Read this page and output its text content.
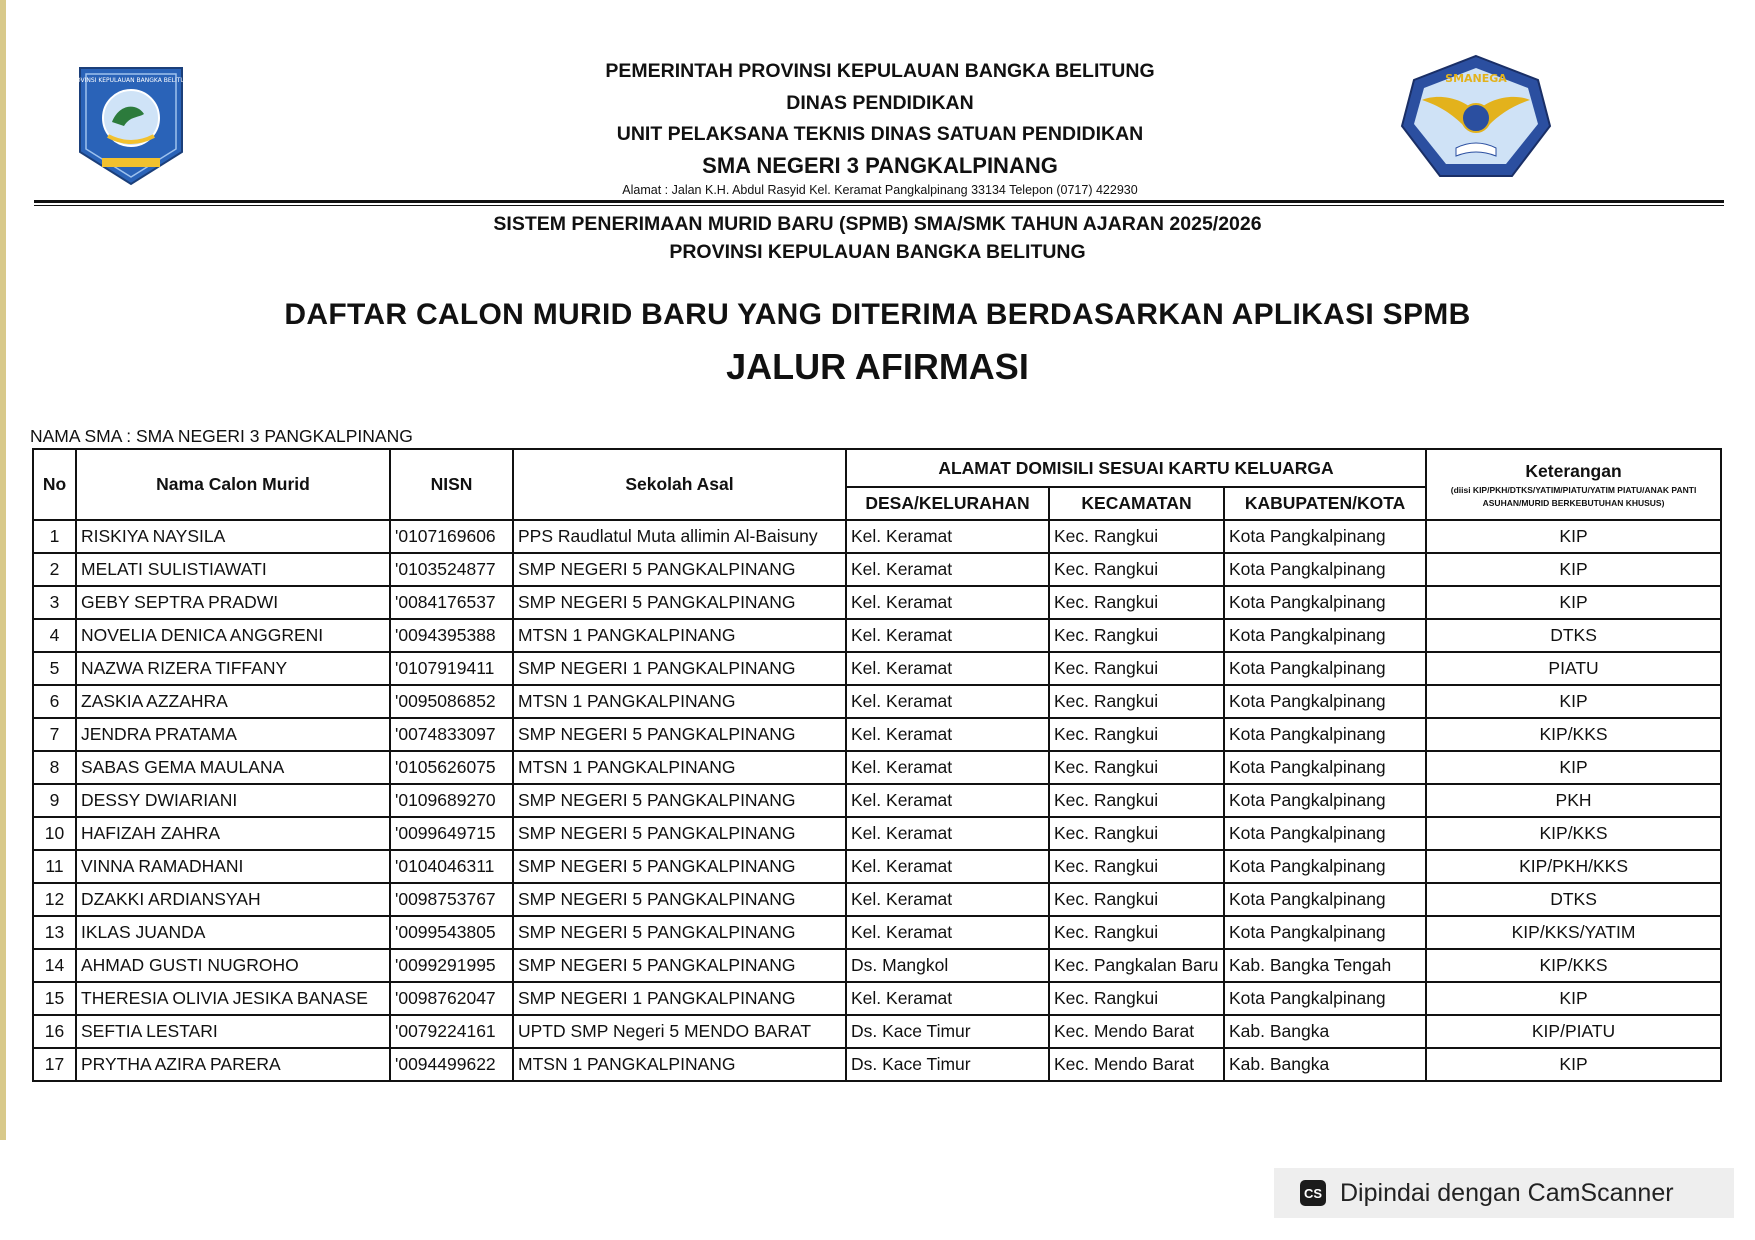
PROVINSI KEPULAUAN BANGKA BELITUNG	SMANEGA
PEMERINTAH PROVINSI KEPULAUAN BANGKA BELITUNG
DINAS PENDIDIKAN
UNIT PELAKSANA TEKNIS DINAS SATUAN PENDIDIKAN
SMA NEGERI 3 PANGKALPINANG
Alamat : Jalan K.H. Abdul Rasyid Kel. Keramat Pangkalpinang 33134 Telepon (0717) 422930
SISTEM PENERIMAAN MURID BARU (SPMB) SMA/SMK TAHUN AJARAN 2025/2026
PROVINSI KEPULAUAN BANGKA BELITUNG
DAFTAR CALON MURID BARU YANG DITERIMA BERDASARKAN APLIKASI SPMB
JALUR AFIRMASI
NAMA SMA : SMA NEGERI 3 PANGKALPINANG
No	Nama Calon Murid	NISN	Sekolah Asal	ALAMAT DOMISILI SESUAI KARTU KELUARGA			Keterangan
(diisi KIP/PKH/DTKS/YATIM/PIATU/YATIM PIATU/ANAK PANTI ASUHAN/MURID BERKEBUTUHAN KHUSUS)

				DESA/KELURAHAN	KECAMATAN	KABUPATEN/KOTA	
1	RISKIYA NAYSILA	'0107169606	PPS Raudlatul Muta allimin Al-Baisuny	Kel. Keramat	Kec. Rangkui	Kota Pangkalpinang	KIP
2	MELATI SULISTIAWATI	'0103524877	SMP NEGERI 5 PANGKALPINANG	Kel. Keramat	Kec. Rangkui	Kota Pangkalpinang	KIP
3	GEBY SEPTRA PRADWI	'0084176537	SMP NEGERI 5 PANGKALPINANG	Kel. Keramat	Kec. Rangkui	Kota Pangkalpinang	KIP
4	NOVELIA DENICA ANGGRENI	'0094395388	MTSN 1 PANGKALPINANG	Kel. Keramat	Kec. Rangkui	Kota Pangkalpinang	DTKS
5	NAZWA RIZERA TIFFANY	'0107919411	SMP NEGERI 1 PANGKALPINANG	Kel. Keramat	Kec. Rangkui	Kota Pangkalpinang	PIATU
6	ZASKIA AZZAHRA	'0095086852	MTSN 1 PANGKALPINANG	Kel. Keramat	Kec. Rangkui	Kota Pangkalpinang	KIP
7	JENDRA PRATAMA	'0074833097	SMP NEGERI 5 PANGKALPINANG	Kel. Keramat	Kec. Rangkui	Kota Pangkalpinang	KIP/KKS
8	SABAS GEMA MAULANA	'0105626075	MTSN 1 PANGKALPINANG	Kel. Keramat	Kec. Rangkui	Kota Pangkalpinang	KIP
9	DESSY DWIARIANI	'0109689270	SMP NEGERI 5 PANGKALPINANG	Kel. Keramat	Kec. Rangkui	Kota Pangkalpinang	PKH
10	HAFIZAH ZAHRA	'0099649715	SMP NEGERI 5 PANGKALPINANG	Kel. Keramat	Kec. Rangkui	Kota Pangkalpinang	KIP/KKS
11	VINNA RAMADHANI	'0104046311	SMP NEGERI 5 PANGKALPINANG	Kel. Keramat	Kec. Rangkui	Kota Pangkalpinang	KIP/PKH/KKS
12	DZAKKI ARDIANSYAH	'0098753767	SMP NEGERI 5 PANGKALPINANG	Kel. Keramat	Kec. Rangkui	Kota Pangkalpinang	DTKS
13	IKLAS JUANDA	'0099543805	SMP NEGERI 5 PANGKALPINANG	Kel. Keramat	Kec. Rangkui	Kota Pangkalpinang	KIP/KKS/YATIM
14	AHMAD GUSTI NUGROHO	'0099291995	SMP NEGERI 5 PANGKALPINANG	Ds. Mangkol	Kec. Pangkalan Baru	Kab. Bangka Tengah	KIP/KKS
15	THERESIA OLIVIA JESIKA BANASE	'0098762047	SMP NEGERI 1 PANGKALPINANG	Kel. Keramat	Kec. Rangkui	Kota Pangkalpinang	KIP
16	SEFTIA LESTARI	'0079224161	UPTD SMP Negeri 5 MENDO BARAT	Ds. Kace Timur	Kec. Mendo Barat	Kab. Bangka	KIP/PIATU
17	PRYTHA AZIRA PARERA	'0094499622	MTSN 1 PANGKALPINANG	Ds. Kace Timur	Kec. Mendo Barat	Kab. Bangka	KIP
CS Dipindai dengan CamScanner
